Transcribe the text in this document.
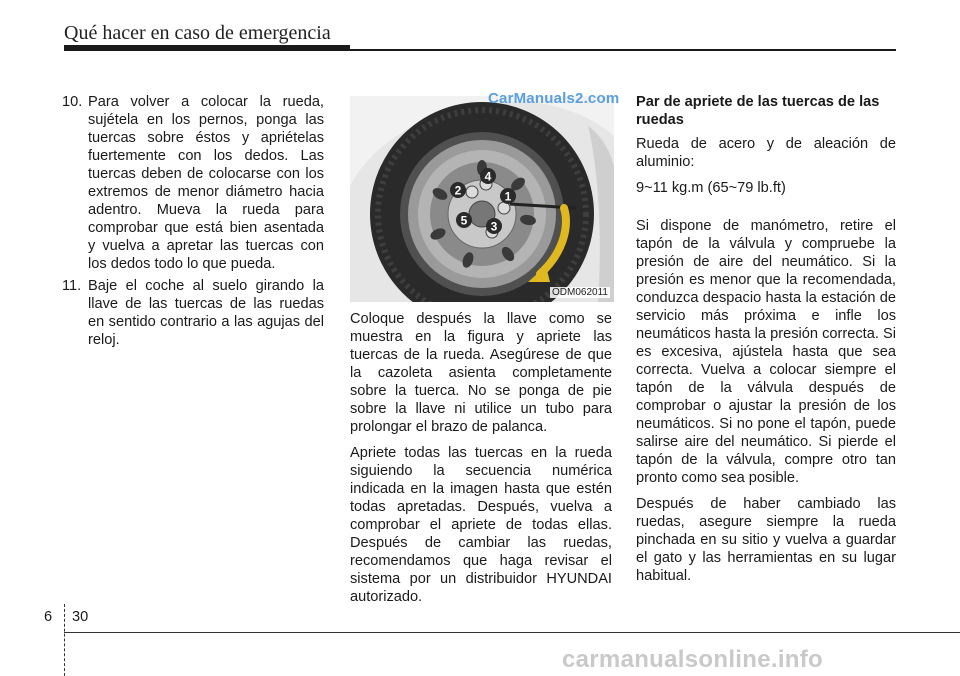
Qué hacer en caso de emergencia
10. Para volver a colocar la rueda, sujétela en los pernos, ponga las tuercas sobre éstos y apriételas fuertemente con los dedos. Las tuercas deben de colocarse con los extremos de menor diámetro hacia adentro. Mueva la rueda para comprobar que está bien asentada y vuelva a apretar las tuercas con los dedos todo lo que pueda.
11. Baje el coche al suelo girando la llave de las tuercas de las ruedas en sentido contrario a las agujas del reloj.
1
2
3
4
5
ODM062011
CarManuals2.com

Coloque después la llave como se muestra en la figura y apriete las tuercas de la rueda. Asegúrese de que la cazoleta asienta completamente sobre la tuerca. No se ponga de pie sobre la llave ni utilice un tubo para prolongar el brazo de palanca.

Apriete todas las tuercas en la rueda siguiendo la secuencia numérica indicada en la imagen hasta que estén todas apretadas. Después, vuelva a comprobar el apriete de todas ellas. Después de cambiar las ruedas, recomendamos que haga revisar el sistema por un distribuidor HYUNDAI autorizado.

Par de apriete de las tuercas de las ruedas

Rueda de acero y de aleación de aluminio:

9~11 kg.m (65~79 lb.ft)

Si dispone de manómetro, retire el tapón de la válvula y compruebe la presión de aire del neumático. Si la presión es menor que la recomendada, conduzca despacio hasta la estación de servicio más próxima e infle los neumáticos hasta la presión correcta. Si es excesiva, ajústela hasta que sea correcta. Vuelva a colocar siempre el tapón de la válvula después de comprobar o ajustar la presión de los neumáticos. Si no pone el tapón, puede salirse aire del neumático. Si pierde el tapón de la válvula, compre otro tan pronto como sea posible.

Después de haber cambiado las ruedas, asegure siempre la rueda pinchada en su sitio y vuelva a guardar el gato y las herramientas en su lugar habitual.

6 30
carmanualsonline.info
